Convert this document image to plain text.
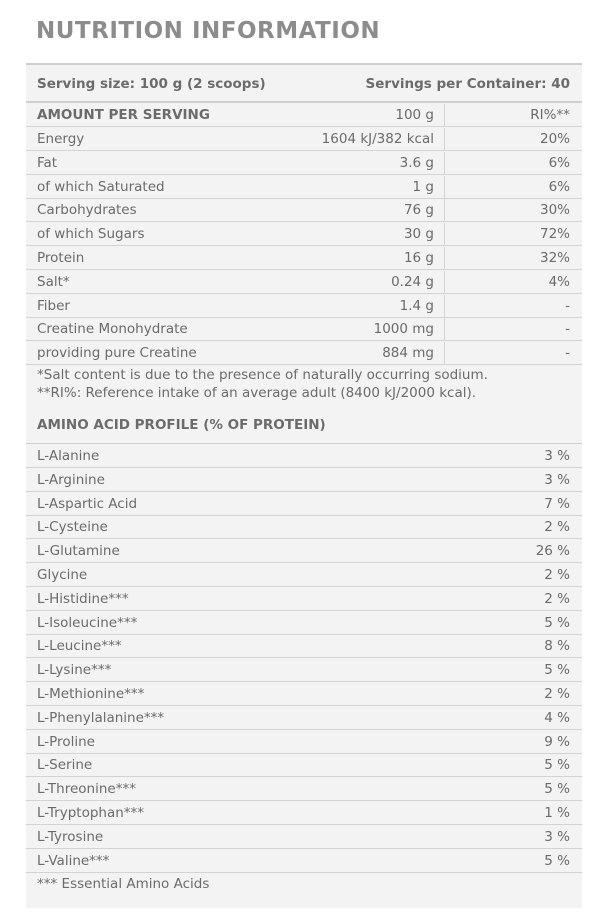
NUTRITION INFORMATION
Serving size: 100 g (2 scoops)	Servings per Container: 40
AMOUNT PER SERVING	100 g	RI%**
Energy	1604 kJ/382 kcal	20%
Fat	3.6 g	6%
of which Saturated	1 g	6%
Carbohydrates	76 g	30%
of which Sugars	30 g	72%
Protein	16 g	32%
Salt*	0.24 g	4%
Fiber	1.4 g	-
Creatine Monohydrate	1000 mg	-
providing pure Creatine	884 mg	-
*Salt content is due to the presence of naturally occurring sodium.
**RI%: Reference intake of an average adult (8400 kJ/2000 kcal).
AMINO ACID PROFILE (% OF PROTEIN)
L-Alanine	3 %
L-Arginine	3 %
L-Aspartic Acid	7 %
L-Cysteine	2 %
L-Glutamine	26 %
Glycine	2 %
L-Histidine***	2 %
L-Isoleucine***	5 %
L-Leucine***	8 %
L-Lysine***	5 %
L-Methionine***	2 %
L-Phenylalanine***	4 %
L-Proline	9 %
L-Serine	5 %
L-Threonine***	5 %
L-Tryptophan***	1 %
L-Tyrosine	3 %
L-Valine***	5 %
*** Essential Amino Acids
